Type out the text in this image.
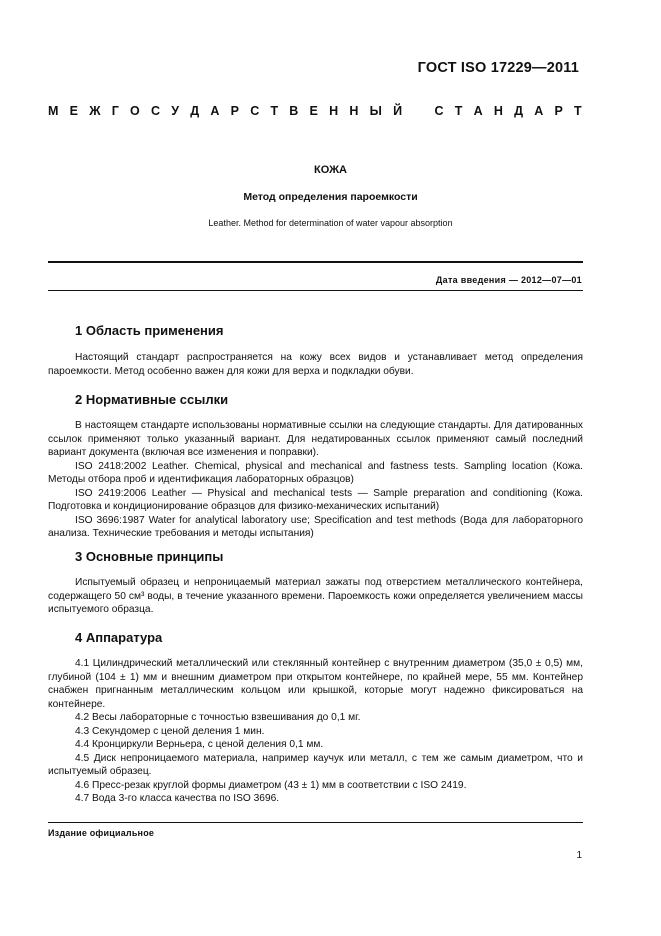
ГОСТ ISO 17229—2011
М Е Ж Г О С У Д А Р С Т В Е Н Н Ы Й	С Т А Н Д А Р Т
КОЖА
Метод определения пароемкости
Leather. Method for determination of water vapour absorption
Дата введения — 2012—07—01
1 Область применения

Настоящий стандарт распространяется на кожу всех видов и устанавливает метод определения пароемкости. Метод особенно важен для кожи для верха и подкладки обуви.

2 Нормативные ссылки

В настоящем стандарте использованы нормативные ссылки на следующие стандарты. Для датированных ссылок применяют только указанный вариант. Для недатированных ссылок применяют самый последний вариант документа (включая все изменения и поправки).

ISO 2418:2002 Leather. Chemical, physical and mechanical and fastness tests. Sampling location (Кожа. Методы отбора проб и идентификация лабораторных образцов)

ISO 2419:2006 Leather — Physical and mechanical tests — Sample preparation and conditioning (Кожа. Подготовка и кондиционирование образцов для физико-механических испытаний)

ISO 3696:1987 Water for analytical laboratory use; Specification and test methods (Вода для лабораторного анализа. Технические требования и методы испытания)

3 Основные принципы

Испытуемый образец и непроницаемый материал зажаты под отверстием металлического контейнера, содержащего 50 см³ воды, в течение указанного времени. Пароемкость кожи определяется увеличением массы испытуемого образца.

4 Аппаратура

4.1 Цилиндрический металлический или стеклянный контейнер с внутренним диаметром (35,0 ± 0,5) мм, глубиной (104 ± 1) мм и внешним диаметром при открытом контейнере, по крайней мере, 55 мм. Контейнер снабжен пригнанным металлическим кольцом или крышкой, которые могут надежно фиксироваться на контейнере.

4.2 Весы лабораторные с точностью взвешивания до 0,1 мг.

4.3 Секундомер с ценой деления 1 мин.

4.4 Кронциркули Верньера, с ценой деления 0,1 мм.

4.5 Диск непроницаемого материала, например каучук или металл, с тем же самым диаметром, что и испытуемый образец.

4.6 Пресс-резак круглой формы диаметром (43 ± 1) мм в соответствии с ISO 2419.

4.7 Вода 3-го класса качества по ISO 3696.

Издание официальное
1
